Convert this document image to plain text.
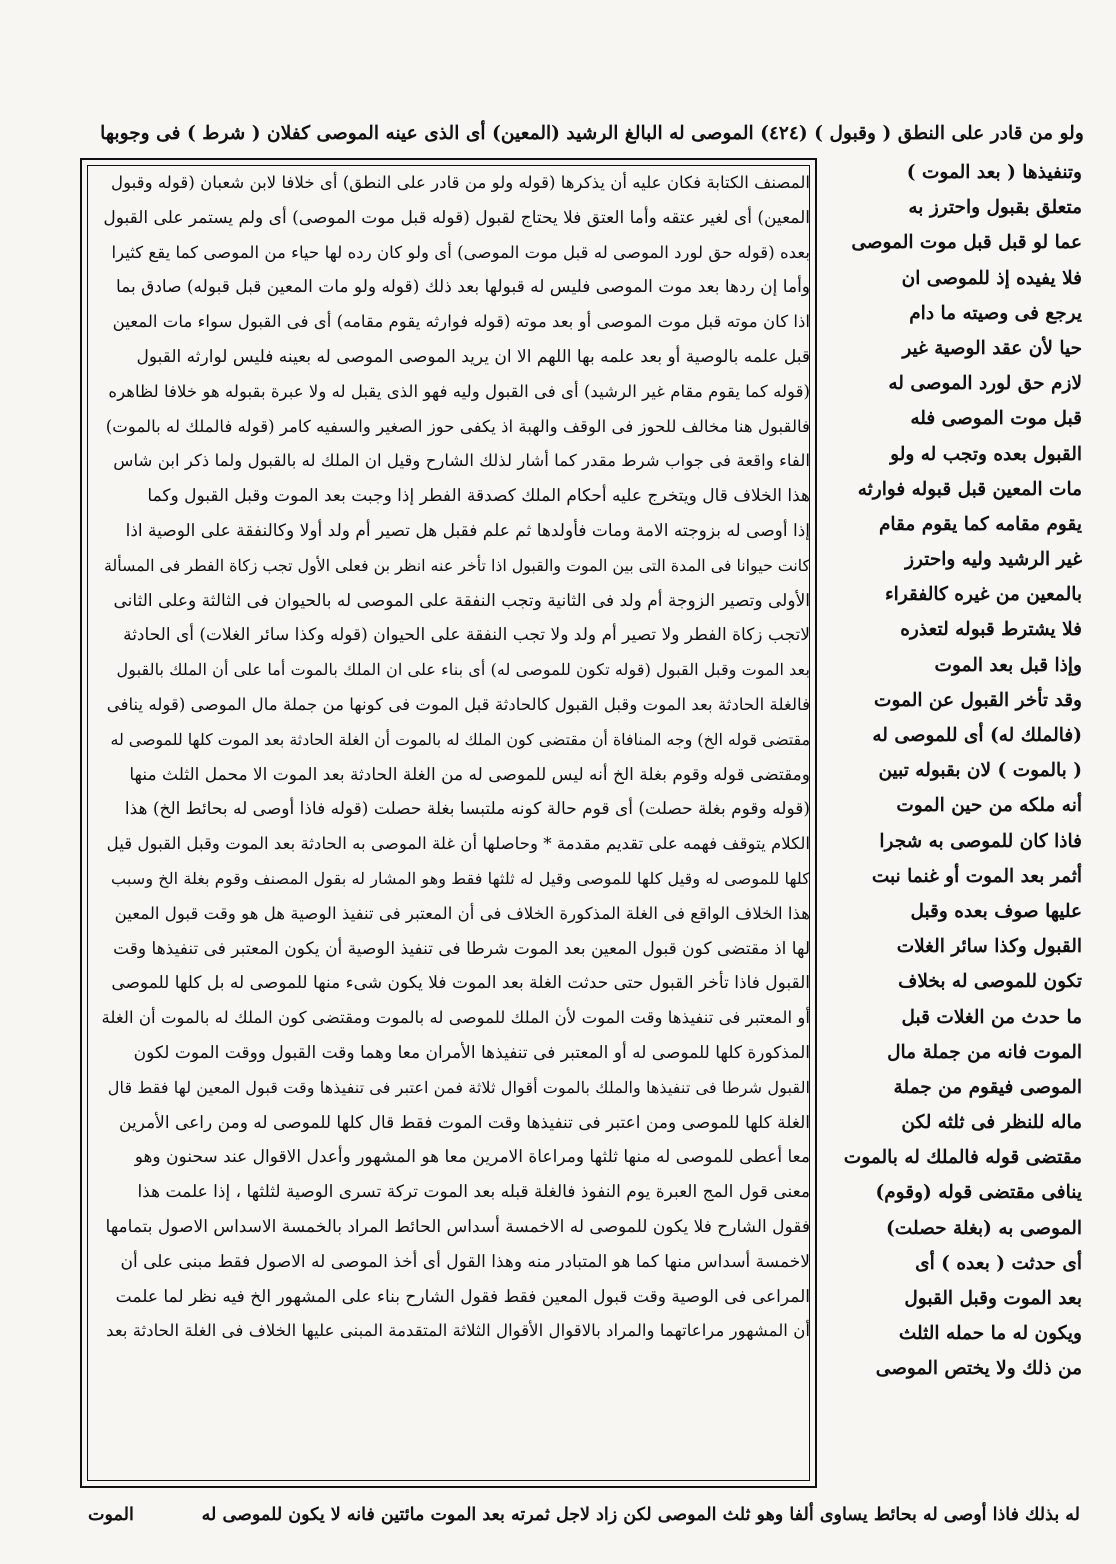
ولو من قادر على النطق ( وقبول ) (٤٢٤) الموصى له البالغ الرشيد (المعين) أى الذى عينه الموصى كفلان ( شرط ) فى وجوبها
وتنفيذها ( بعد الموت )
متعلق بقبول واحترز به
عما لو قبل قبل موت الموصى
فلا يفيده إذ للموصى ان
يرجع فى وصيته ما دام
حيا لأن عقد الوصية غير
لازم حق لورد الموصى له
قبل موت الموصى فله
القبول بعده وتجب له ولو
مات المعين قبل قبوله فوارثه
يقوم مقامه كما يقوم مقام
غير الرشيد وليه واحترز
بالمعين من غيره كالفقراء
فلا يشترط قبوله لتعذره
وإذا قبل بعد الموت
وقد تأخر القبول عن الموت
(فالملك له) أى للموصى له
( بالموت ) لان بقبوله تبين
أنه ملكه من حين الموت
فاذا كان للموصى به شجرا
أثمر بعد الموت أو غنما نبت
عليها صوف بعده وقبل
القبول وكذا سائر الغلات
تكون للموصى له بخلاف
ما حدث من الغلات قبل
الموت فانه من جملة مال
الموصى فيقوم من جملة
ماله للنظر فى ثلثه لكن
مقتضى قوله فالملك له بالموت
ينافى مقتضى قوله (وقوم)
الموصى به (بغلة حصلت)
أى حدثت ( بعده ) أى
بعد الموت وقبل القبول
ويكون له ما حمله الثلث
من ذلك ولا يختص الموصى
المصنف الكتابة فكان عليه أن يذكرها (قوله ولو من قادر على النطق) أى خلافا لابن شعبان (قوله وقبول
المعين) أى لغير عتقه وأما العتق فلا يحتاج لقبول (قوله قبل موت الموصى) أى ولم يستمر على القبول
بعده (قوله حق لورد الموصى له قبل موت الموصى) أى ولو كان رده لها حياء من الموصى كما يقع كثيرا
وأما إن ردها بعد موت الموصى فليس له قبولها بعد ذلك (قوله ولو مات المعين قبل قبوله) صادق بما
اذا كان موته قبل موت الموصى أو بعد موته (قوله فوارثه يقوم مقامه) أى فى القبول سواء مات المعين
قبل علمه بالوصية أو بعد علمه بها اللهم الا ان يريد الموصى الموصى له بعينه فليس لوارثه القبول
(قوله كما يقوم مقام غير الرشيد) أى فى القبول وليه فهو الذى يقبل له ولا عبرة بقبوله هو خلافا لظاهره
فالقبول هنا مخالف للحوز فى الوقف والهبة اذ يكفى حوز الصغير والسفيه كامر (قوله فالملك له بالموت)
الفاء واقعة فى جواب شرط مقدر كما أشار لذلك الشارح وقيل ان الملك له بالقبول ولما ذكر ابن شاس
هذا الخلاف قال ويتخرج عليه أحكام الملك كصدقة الفطر إذا وجبت بعد الموت وقبل القبول وكما
إذا أوصى له بزوجته الامة ومات فأولدها ثم علم فقبل هل تصير أم ولد أولا وكالنفقة على الوصية اذا
كانت حيوانا فى المدة التى بين الموت والقبول اذا تأخر عنه انظر بن فعلى الأول تجب زكاة الفطر فى المسألة
الأولى وتصير الزوجة أم ولد فى الثانية وتجب النفقة على الموصى له بالحيوان فى الثالثة وعلى الثانى
لاتجب زكاة الفطر ولا تصير أم ولد ولا تجب النفقة على الحيوان (قوله وكذا سائر الغلات) أى الحادثة
بعد الموت وقبل القبول (قوله تكون للموصى له) أى بناء على ان الملك بالموت أما على أن الملك بالقبول
فالغلة الحادثة بعد الموت وقبل القبول كالحادثة قبل الموت فى كونها من جملة مال الموصى (قوله ينافى
مقتضى قوله الخ) وجه المنافاة أن مقتضى كون الملك له بالموت أن الغلة الحادثة بعد الموت كلها للموصى له
ومقتضى قوله وقوم بغلة الخ أنه ليس للموصى له من الغلة الحادثة بعد الموت الا محمل الثلث منها
(قوله وقوم بغلة حصلت) أى قوم حالة كونه ملتبسا بغلة حصلت (قوله فاذا أوصى له بحائط الخ) هذا
الكلام يتوقف فهمه على تقديم مقدمة * وحاصلها أن غلة الموصى به الحادثة بعد الموت وقبل القبول قيل
كلها للموصى له وقيل كلها للموصى وقيل له ثلثها فقط وهو المشار له بقول المصنف وقوم بغلة الخ وسبب
هذا الخلاف الواقع فى الغلة المذكورة الخلاف فى أن المعتبر فى تنفيذ الوصية هل هو وقت قبول المعين
لها اذ مقتضى كون قبول المعين بعد الموت شرطا فى تنفيذ الوصية أن يكون المعتبر فى تنفيذها وقت
القبول فاذا تأخر القبول حتى حدثت الغلة بعد الموت فلا يكون شىء منها للموصى له بل كلها للموصى
أو المعتبر فى تنفيذها وقت الموت لأن الملك للموصى له بالموت ومقتضى كون الملك له بالموت أن الغلة
المذكورة كلها للموصى له أو المعتبر فى تنفيذها الأمران معا وهما وقت القبول ووقت الموت لكون
القبول شرطا فى تنفيذها والملك بالموت أقوال ثلاثة فمن اعتبر فى تنفيذها وقت قبول المعين لها فقط قال
الغلة كلها للموصى ومن اعتبر فى تنفيذها وقت الموت فقط قال كلها للموصى له ومن راعى الأمرين
معا أعطى للموصى له منها ثلثها ومراعاة الامرين معا هو المشهور وأعدل الاقوال عند سحنون وهو
معنى قول المج العبرة يوم النفوذ فالغلة قبله بعد الموت تركة تسرى الوصية لثلثها ، إذا علمت هذا
فقول الشارح فلا يكون للموصى له الاخمسة أسداس الحائط المراد بالخمسة الاسداس الاصول بتمامها
لاخمسة أسداس منها كما هو المتبادر منه وهذا القول أى أخذ الموصى له الاصول فقط مبنى على أن
المراعى فى الوصية وقت قبول المعين فقط فقول الشارح بناء على المشهور الخ فيه نظر لما علمت
أن المشهور مراعاتهما والمراد بالاقوال الأقوال الثلاثة المتقدمة المبنى عليها الخلاف فى الغلة الحادثة بعد
له بذلك فاذا أوصى له بحائط يساوى ألفا وهو ثلث الموصى لكن زاد لاجل ثمرته بعد الموت مائتين فانه لا يكون للموصى له
الموت
